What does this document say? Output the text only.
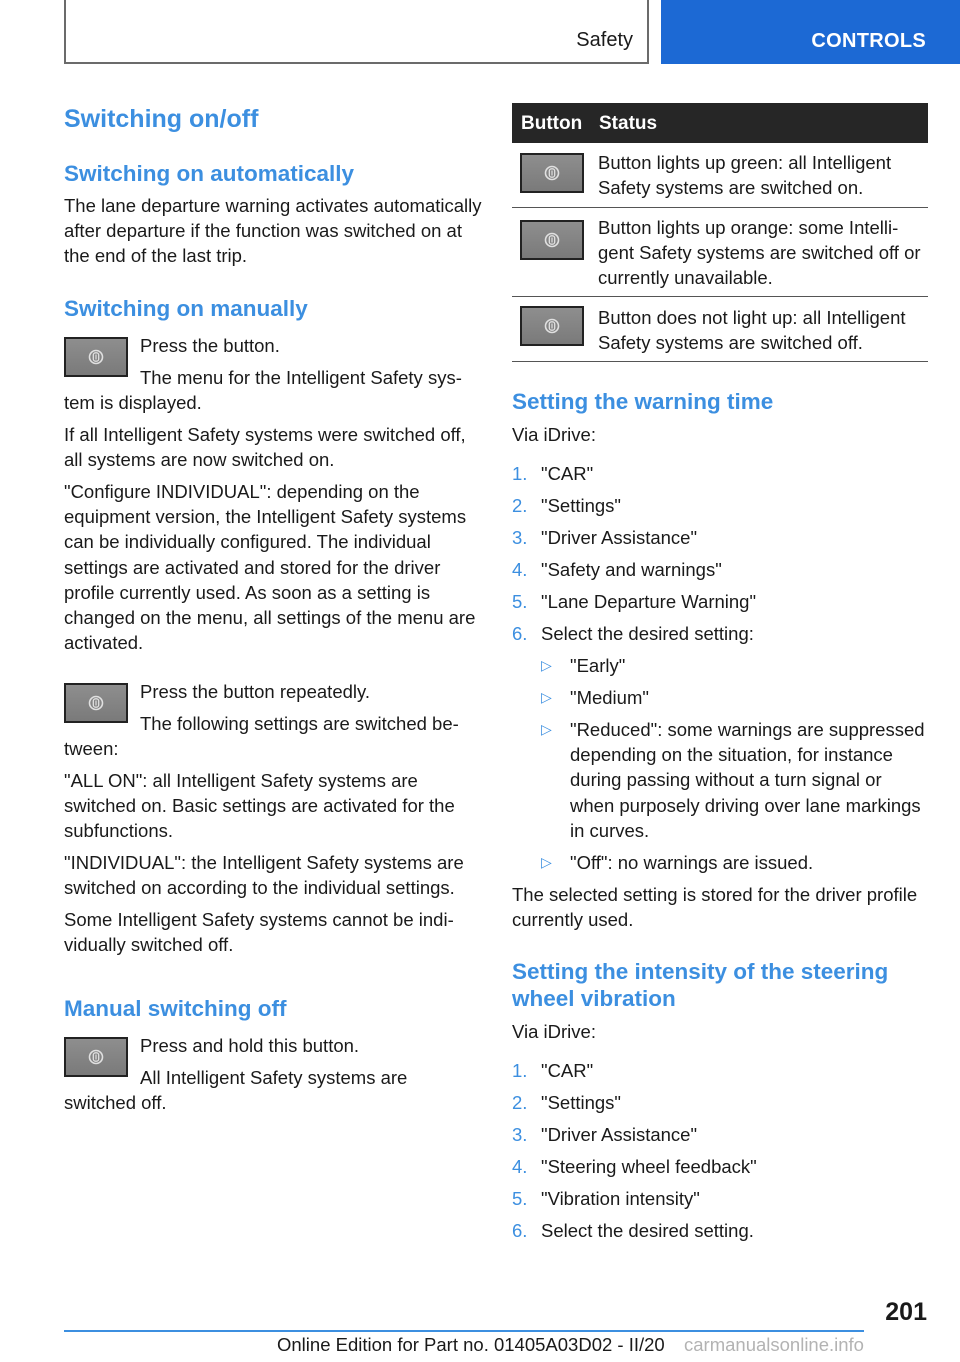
Safety	CONTROLS
Switching on/off
Switching on automatically

The lane departure warning activates automatically after departure if the function was switched on at the end of the last trip.

Switching on manually

Press the button.

The menu for the Intelligent Safety sys-

tem is displayed.

If all Intelligent Safety systems were switched off, all systems are now switched on.

"Configure INDIVIDUAL": depending on the equipment version, the Intelligent Safety systems can be individually configured. The individual settings are activated and stored for the driver profile currently used. As soon as a setting is changed on the menu, all settings of the menu are activated.

Press the button repeatedly.

The following settings are switched be-

tween:

"ALL ON": all Intelligent Safety systems are switched on. Basic settings are activated for the subfunctions.

"INDIVIDUAL": the Intelligent Safety systems are switched on according to the individual settings.

Some Intelligent Safety systems cannot be individually switched off.

Manual switching off

Press and hold this button.

All Intelligent Safety systems are

switched off.

Button Status
Button lights up green: all Intelligent Safety systems are switched on.
Button lights up orange: some Intelligent Safety systems are switched off or currently unavailable.
Button does not light up: all Intelligent Safety systems are switched off.
Setting the warning time

Via iDrive:

1. "CAR"
2. "Settings"
3. "Driver Assistance"
4. "Safety and warnings"
5. "Lane Departure Warning"
6. Select the desired setting:
▷ "Early"
▷ "Medium"
▷ "Reduced": some warnings are suppressed depending on the situation, for instance during passing without a turn signal or when purposely driving over lane markings in curves.
▷ "Off": no warnings are issued.

The selected setting is stored for the driver profile currently used.

Setting the intensity of the steering wheel vibration

Via iDrive:

1. "CAR"
2. "Settings"
3. "Driver Assistance"
4. "Steering wheel feedback"
5. "Vibration intensity"
6. Select the desired setting.
201
Online Edition for Part no. 01405A03D02 - II/20 carmanualsonline.info
